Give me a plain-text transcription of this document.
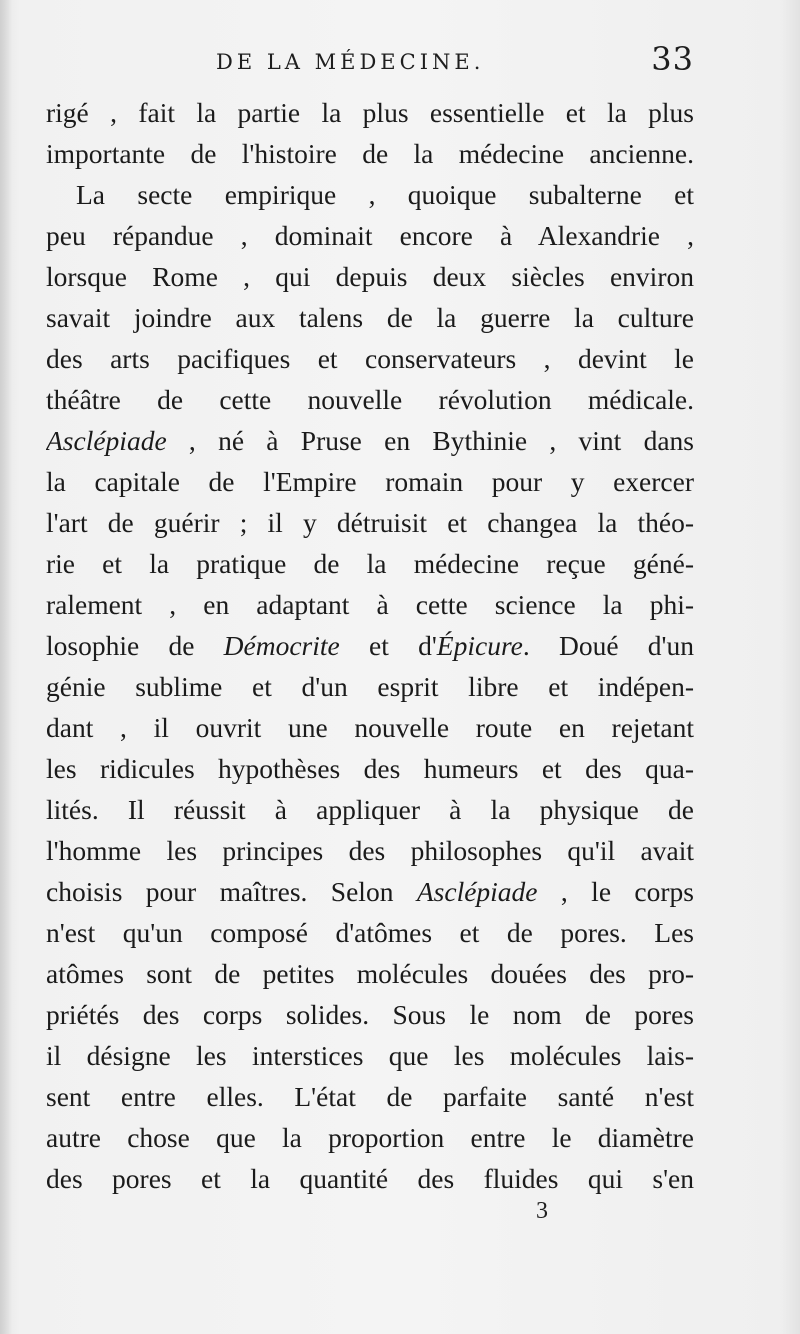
DE LA MÉDECINE.	33
rigé , fait la partie la plus essentielle et la plus
importante de l'histoire de la médecine ancienne.
La secte empirique , quoique subalterne et
peu répandue , dominait encore à Alexandrie ,
lorsque Rome , qui depuis deux siècles environ
savait joindre aux talens de la guerre la culture
des arts pacifiques et conservateurs , devint le
théâtre de cette nouvelle révolution médicale.
Asclépiade , né à Pruse en Bythinie , vint dans
la capitale de l'Empire romain pour y exercer
l'art de guérir ; il y détruisit et changea la théo-
rie et la pratique de la médecine reçue géné-
ralement , en adaptant à cette science la phi-
losophie de Démocrite et d'Épicure. Doué d'un
génie sublime et d'un esprit libre et indépen-
dant , il ouvrit une nouvelle route en rejetant
les ridicules hypothèses des humeurs et des qua-
lités. Il réussit à appliquer à la physique de
l'homme les principes des philosophes qu'il avait
choisis pour maîtres. Selon Asclépiade , le corps
n'est qu'un composé d'atômes et de pores. Les
atômes sont de petites molécules douées des pro-
priétés des corps solides. Sous le nom de pores
il désigne les interstices que les molécules lais-
sent entre elles. L'état de parfaite santé n'est
autre chose que la proportion entre le diamètre
des pores et la quantité des fluides qui s'en
3
